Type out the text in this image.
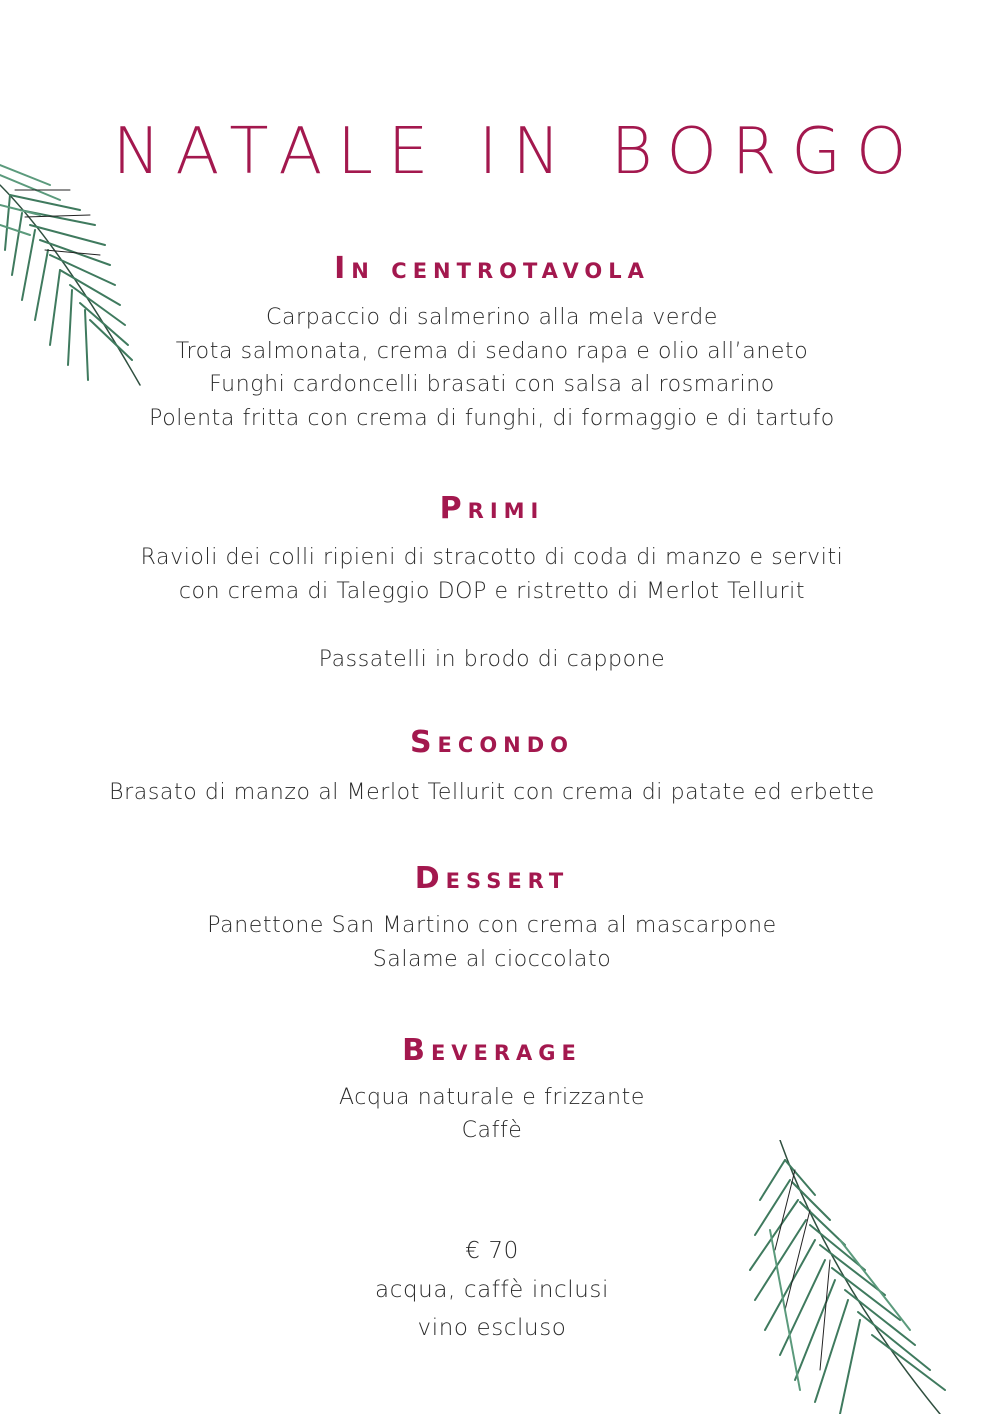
NATALE IN BORGO
In centrotavola

Carpaccio di salmerino alla mela verde

Trota salmonata, crema di sedano rapa e olio all’aneto

Funghi cardoncelli brasati con salsa al rosmarino

Polenta fritta con crema di funghi, di formaggio e di tartufo

Primi

Ravioli dei colli ripieni di stracotto di coda di manzo e serviti

con crema di Taleggio DOP e ristretto di Merlot Tellurit

Passatelli in brodo di cappone

Secondo

Brasato di manzo al Merlot Tellurit con crema di patate ed erbette

Dessert

Panettone San Martino con crema al mascarpone

Salame al cioccolato

Beverage

Acqua naturale e frizzante

Caffè

€ 70

acqua, caffè inclusi

vino escluso
